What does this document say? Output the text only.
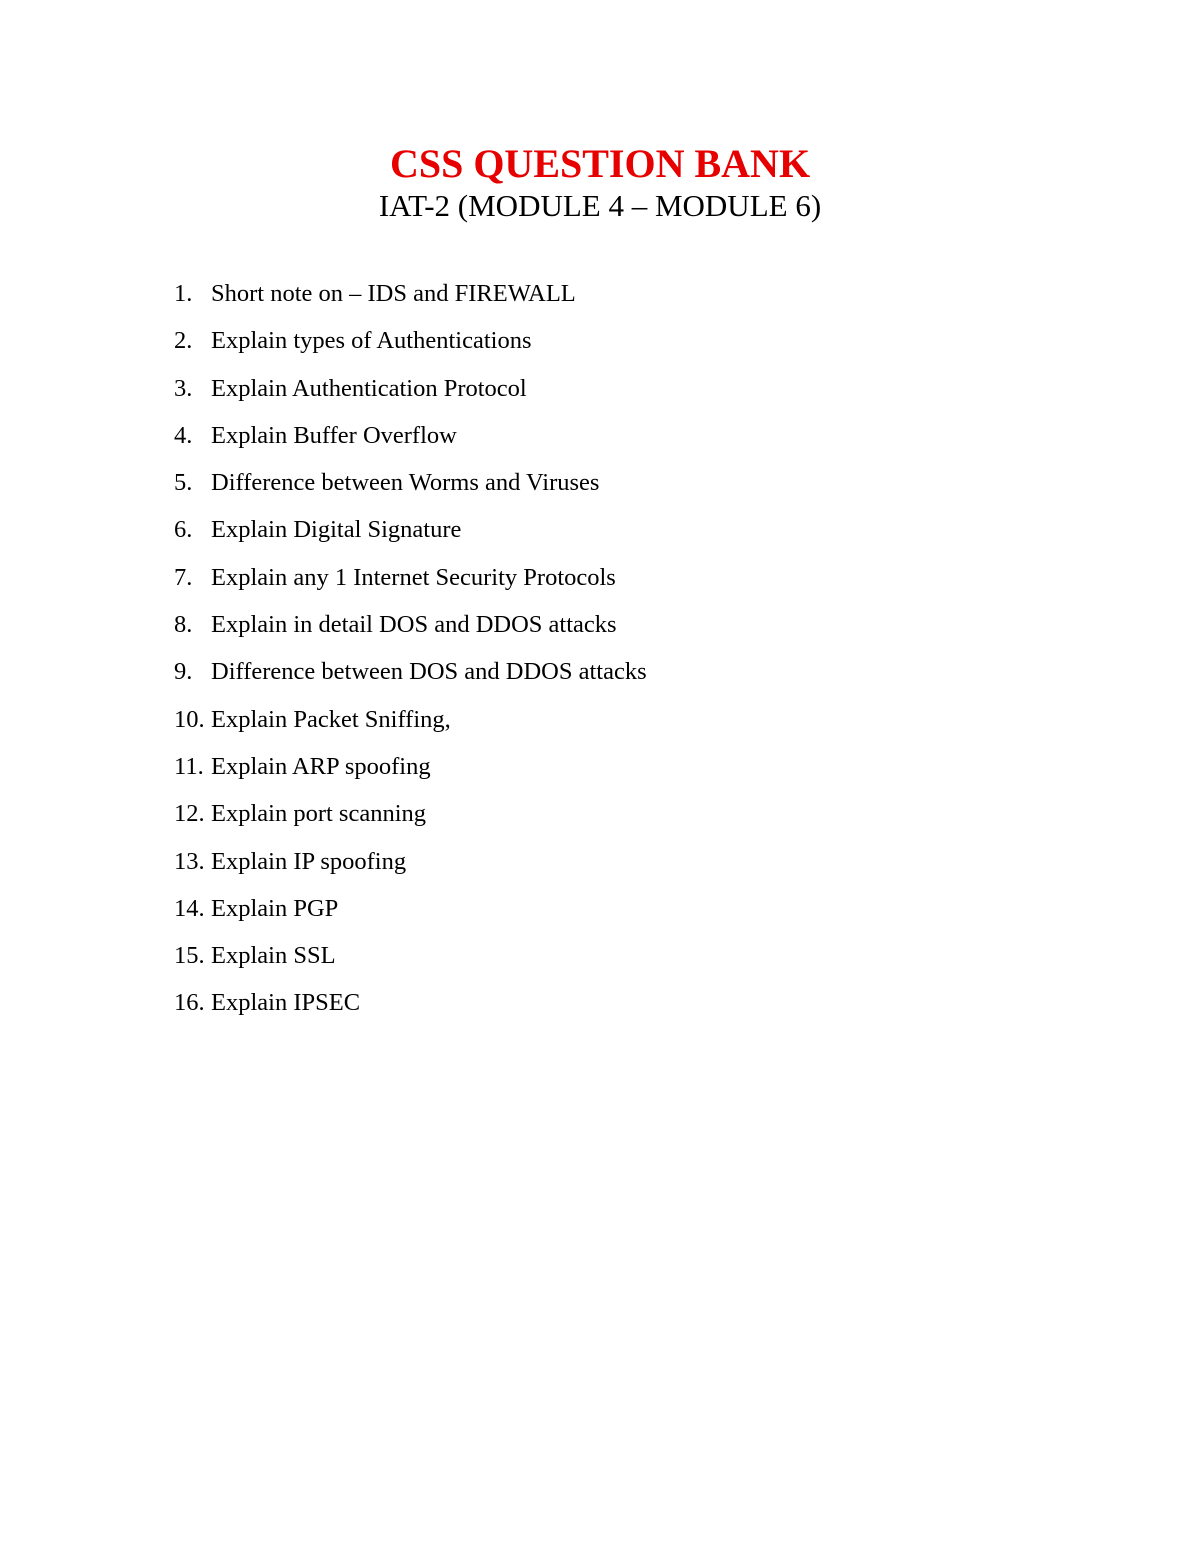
CSS QUESTION BANK
IAT-2 (MODULE 4 – MODULE 6)
1. Short note on – IDS and FIREWALL
2. Explain types of Authentications
3. Explain Authentication Protocol
4. Explain Buffer Overflow
5. Difference between Worms and Viruses
6. Explain Digital Signature
7. Explain any 1 Internet Security Protocols
8. Explain in detail DOS and DDOS attacks
9. Difference between DOS and DDOS attacks
10. Explain Packet Sniffing,
11. Explain ARP spoofing
12. Explain port scanning
13. Explain IP spoofing
14. Explain PGP
15. Explain SSL
16. Explain IPSEC
